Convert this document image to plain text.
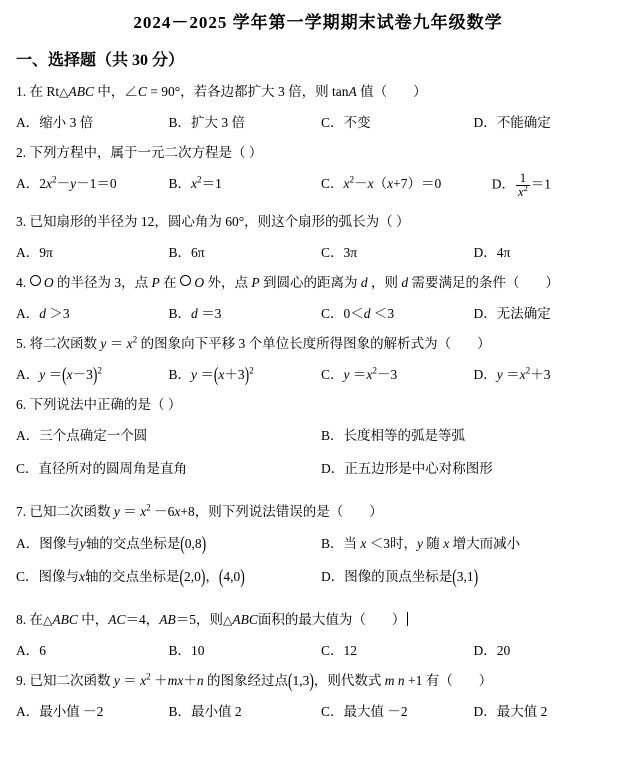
2024－2025 学年第一学期期末试卷九年级数学
一、选择题（共 30 分）
1. 在 Rt△ABC 中，∠C = 90°，若各边都扩大 3 倍，则 tanA 值（ ）
A．缩小 3 倍	B．扩大 3 倍	C．不变	D．不能确定
2. 下列方程中，属于一元二次方程是（ ）
A．$2x^2-y-1=0$	B．$x^2=1$	C．$x^2-x(x+7)=0$	D． $\frac{1}{x^2} =1$
3. 已知扇形的半径为 12，圆心角为 60°，则这个扇形的弧长为（ ）
A．9π	B．6π	C．3π	D．4π
4. O 的半径为 3，点 P 在  O 外，点 P 到圆心的距离为 d ，则 d 需要满足的条件（ ）
A．d ＞3	B．d ＝3	C．0＜d ＜3	D．无法确定
5. 将二次函数 $y = x^2$ 的图象向下平移 3 个单位长度所得图象的解析式为（ ）
A．$y =(x-3)^2$	B．$y =(x+3)^2$	C．$y =x^2-3$	D．$y =x^2+3$
6. 下列说法中正确的是（ ）
A．三个点确定一个圆	B．长度相等的弧是等弧
C．直径所对的圆周角是直角	D．正五边形是中心对称图形
7. 已知二次函数 $y = x^2 -6x+8$，则下列说法错误的是（ ）
A．图像与y轴的交点坐标是(0,8)	B．当 x ＜3时，y 随 x 增大而减小
C．图像与x轴的交点坐标是(2,0)，(4,0)	D．图像的顶点坐标是(3,1)
8. 在△ABC 中，AC＝4，AB＝5，则△ABC面积的最大值为（ ）
A．6	B．10	C．12	D．20
9. 已知二次函数 $y = x^2 +mx+n$ 的图象经过点(1,3)，则代数式 m n +1 有（ ）
A．最小值 －2	B．最小值 2	C．最大值 －2	D．最大值 2
